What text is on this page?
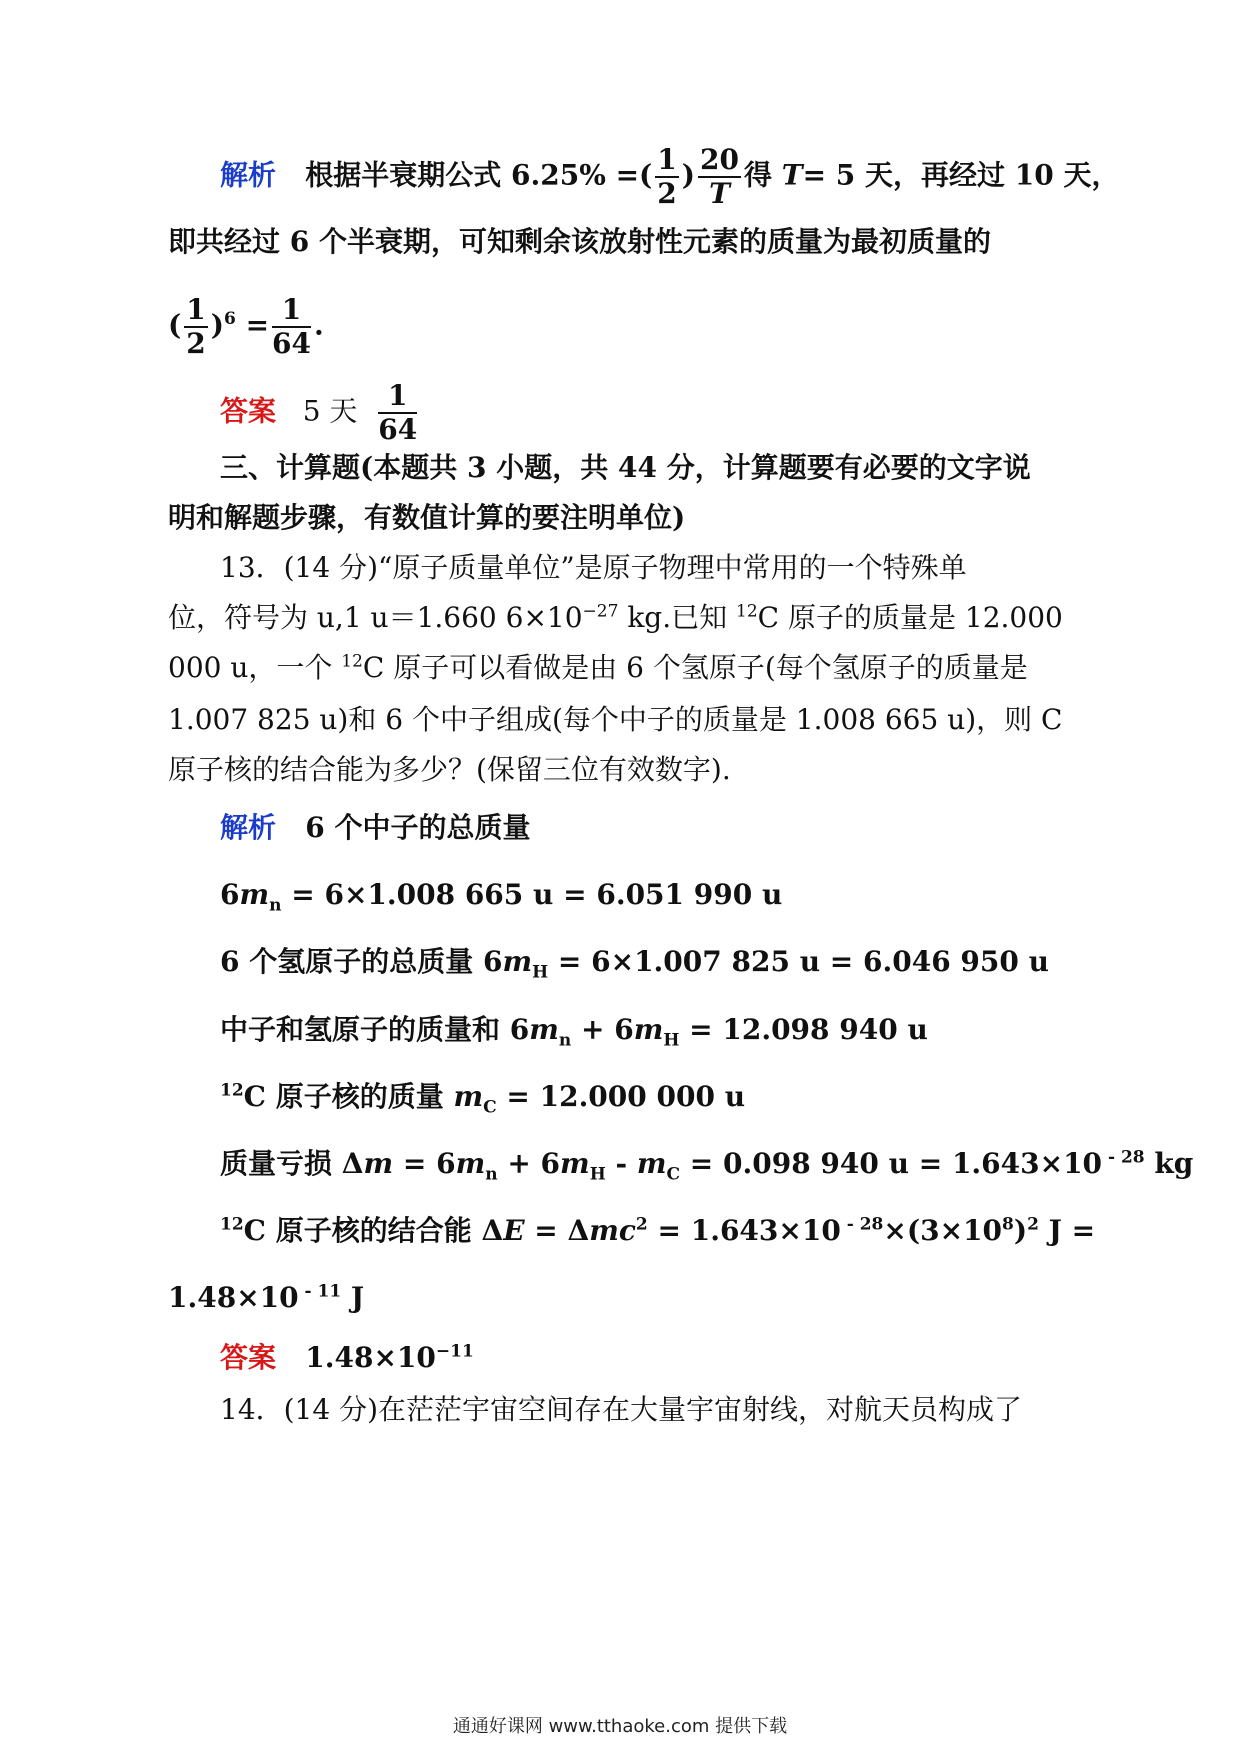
解析 根据半衰期公式 6.25% =( $\frac{1}{2}$ ) $\frac{20}{T}$ 得 T= 5 天，再经过 10 天，
即共经过 6 个半衰期，可知剩余该放射性元素的质量为最初质量的
( $\frac{1}{2} )^6 = \frac{1}{64}$ .
答案 5 天 $\frac{1}{64}$
三、计算题(本题共 3 小题，共 44 分，计算题要有必要的文字说
明和解题步骤，有数值计算的要注明单位)
13．(14 分)“原子质量单位”是原子物理中常用的一个特殊单
位，符号为 u,1 u＝1.660 $6\times 10^{-27}$ kg.已知 $^{12}$C 原子的质量是 12.000
000 u，一个 $^{12}$C 原子可以看做是由 6 个氢原子(每个氢原子的质量是
1.007 825 u)和 6 个中子组成(每个中子的质量是 1.008 665 u)，则 C
原子核的结合能为多少？(保留三位有效数字).
解析 6 个中子的总质量
$6m_n = 6\times 1.008$ 665 u = 6.051 990 u
6 个氢原子的总质量 $6m_H = 6\times 1.007$ 825 u = 6.046 950 u
中子和氢原子的质量和 $6m_n + 6m_H = 12.098$ 940 u
$^{12}$C 原子核的质量 $m_C = 12.000$ 000 u
质量亏损 $\Delta m = 6m_n + 6m_H - m_C = 0.098$ 940 u = 1.643×10 $^{- 28}$ kg
$^{12}$C 原子核的结合能 ΔE = Δmc$^2$ = 1.643×10 $^{- 28}\times(3\times 10^8)^2$ J =
1.48×10 $^{- 11}$ J
答案 $1.48\times 10^{-11}$
14．(14 分)在茫茫宇宙空间存在大量宇宙射线，对航天员构成了
通通好课网 www.tthaoke.com 提供下载
